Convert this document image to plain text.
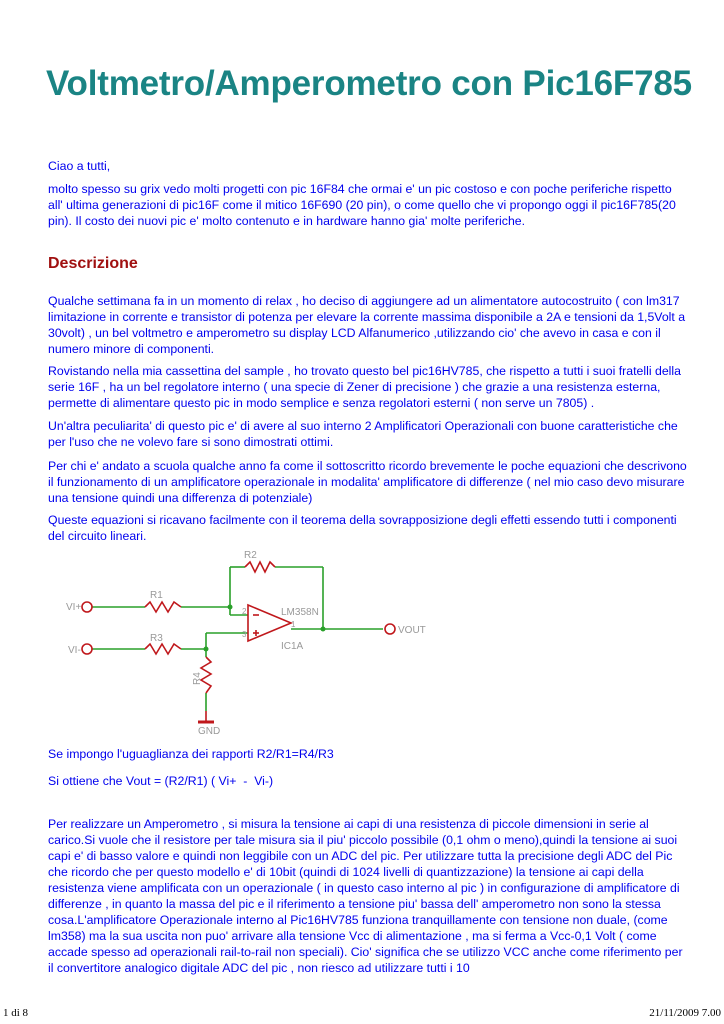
Voltmetro/Amperometro con Pic16F785

Ciao a tutti,

molto spesso su grix vedo molti progetti con pic 16F84 che ormai e' un pic costoso e con poche periferiche rispetto all' ultima generazioni di pic16F come il mitico 16F690 (20 pin), o come quello che vi propongo oggi il pic16F785(20 pin). Il costo dei nuovi pic e' molto contenuto e in hardware hanno gia' molte periferiche.

Descrizione

Qualche settimana fa in un momento di relax , ho deciso di aggiungere ad un alimentatore autocostruito ( con lm317 limitazione in corrente e transistor di potenza per elevare la corrente massima disponibile a 2A e tensioni da 1,5Volt a 30volt) , un bel voltmetro e amperometro su display LCD Alfanumerico ,utilizzando cio' che avevo in casa e con il numero minore di componenti.

Rovistando nella mia cassettina del sample , ho trovato questo bel pic16HV785, che rispetto a tutti i suoi fratelli della serie 16F , ha un bel regolatore interno ( una specie di Zener di precisione ) che grazie a una resistenza esterna, permette di alimentare questo pic in modo semplice e senza regolatori esterni ( non serve un 7805) .

Un'altra peculiarita' di questo pic e' di avere al suo interno 2 Amplificatori Operazionali con buone caratteristiche che per l'uso che ne volevo fare si sono dimostrati ottimi.

Per chi e' andato a scuola qualche anno fa come il sottoscritto ricordo brevemente le poche equazioni che descrivono il funzionamento di un amplificatore operazionale in modalita' amplificatore di differenze ( nel mio caso devo misurare una tensione quindi una differenza di potenziale)

Queste equazioni si ricavano facilmente con il teorema della sovrapposizione degli effetti essendo tutti i componenti del circuito lineari.

R1
R2
R3
R4
VI+
VI-
VOUT
GND
LM358N
IC1A
2
3
1

Se impongo l'uguaglianza dei rapporti R2/R1=R4/R3

Si ottiene che Vout = (R2/R1) ( Vi+  -  Vi-)

Per realizzare un Amperometro , si misura la tensione ai capi di una resistenza di piccole dimensioni in serie al carico.Si vuole che il resistore per tale misura sia il piu' piccolo possibile (0,1 ohm o meno),quindi la tensione ai suoi capi e' di basso valore e quindi non leggibile con un ADC del pic. Per utilizzare tutta la precisione degli ADC del Pic che ricordo che per questo modello e' di 10bit (quindi di 1024 livelli di quantizzazione) la tensione ai capi della resistenza viene amplificata con un operazionale ( in questo caso interno al pic ) in configurazione di amplificatore di differenze , in quanto la massa del pic e il riferimento a tensione piu' bassa dell' amperometro non sono la stessa cosa.L'amplificatore Operazionale interno al Pic16HV785 funziona tranquillamente con tensione non duale, (come lm358) ma la sua uscita non puo' arrivare alla tensione Vcc di alimentazione , ma si ferma a Vcc-0,1 Volt ( come accade spesso ad operazionali rail-to-rail non speciali). Cio' significa che se utilizzo VCC anche come riferimento per il convertitore analogico digitale ADC del pic , non riesco ad utilizzare tutti i 10

1 di 8	21/11/2009 7.00
